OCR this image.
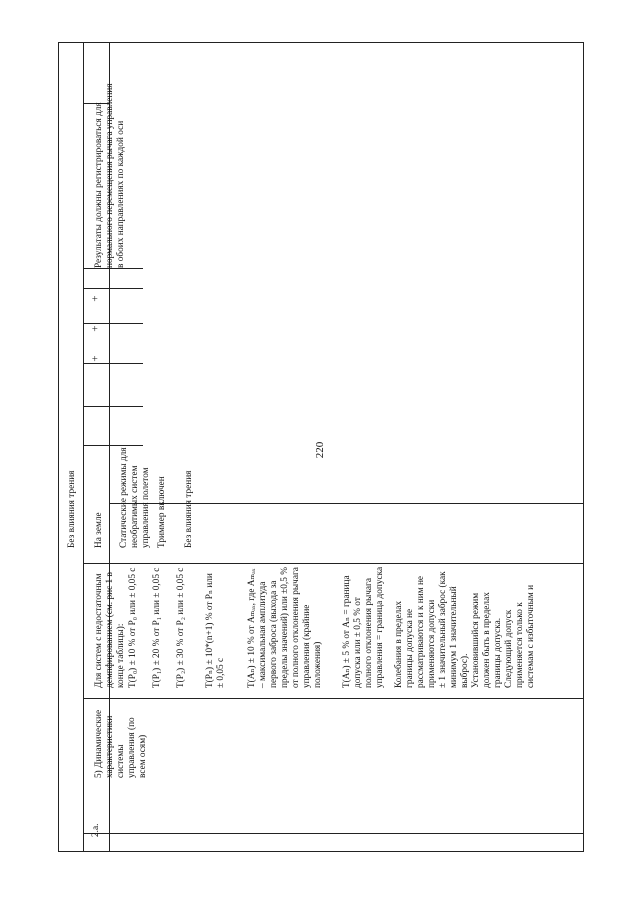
220
2.а.
5) Динамические
характеристики системы
управления (по всем осям)
Для систем с недостаточным
демпфированием (см. рис 1 в
конце таблицы): T(P₀) ± 10 % от P₀ или ± 0,05 с T(P₁) ± 20 % от P₁ или ± 0,05 с T(P₂) ± 30 % от P₂ или ± 0,05 с T(Pₙ) ± 10*(n+1) % от Pₙ или
± 0,05 с
T(Aₙ) ± 10 % от Aₘₐₓ, где Aₘₐₓ
– максимальная амплитуда
первого заброса (выхода за
пределы значений) или ±0,5 %
от полного отклонения рычага
управления (крайние
положения) T(Aₙ) ± 5 % от Aₙ = граница
допуска или ± 0,5 % от
полного отклонения рычага
управления = граница допуска
Колебания в пределах
границы допуска не
рассматриваются и к ним не
применяются допуски
± 1 значительный заброс (как
минимум 1 значительный
выброс).
Установившийся режим
должен быть в пределах
границы допуска.
Следующий допуск
применяется только к
системам с избыточным и
Без влияния трения На земле Статические режимы для
необратимых систем
управления полетом Триммер включен Без влияния трения
+
+
+
Результаты должны регистрироваться для
нормального перемещения рычага управления
в обоих направлениях по каждой оси
